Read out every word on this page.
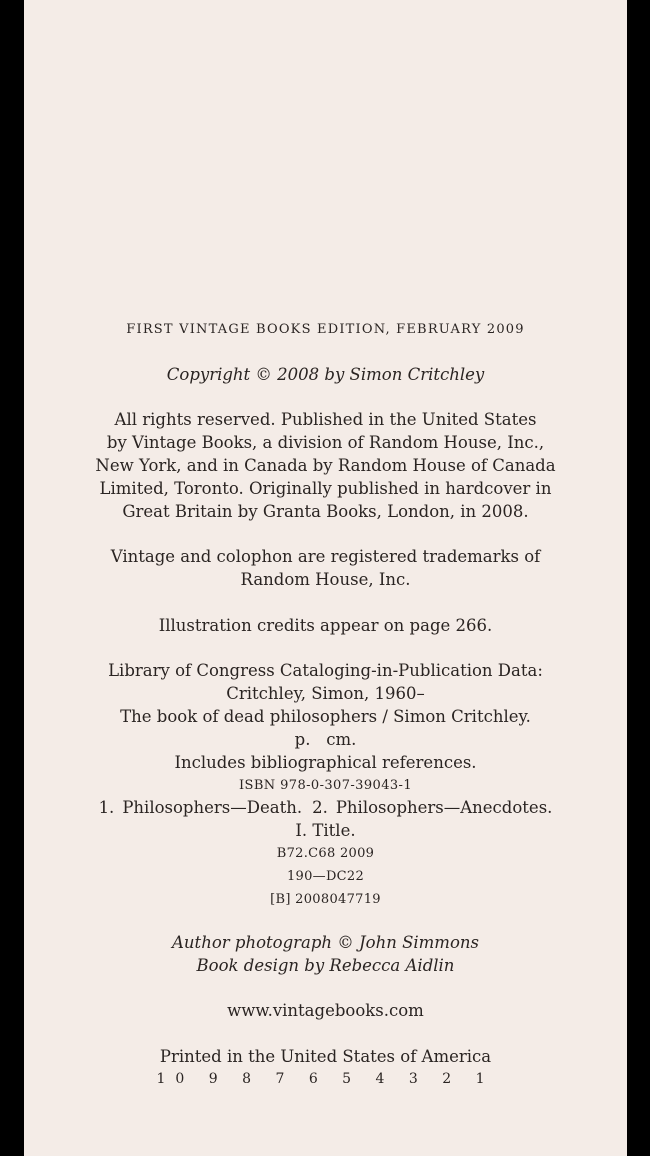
FIRST VINTAGE BOOKS EDITION, FEBRUARY 2009

Copyright © 2008 by Simon Critchley

All rights reserved. Published in the United States

by Vintage Books, a division of Random House, Inc.,

New York, and in Canada by Random House of Canada

Limited, Toronto. Originally published in hardcover in

Great Britain by Granta Books, London, in 2008.

Vintage and colophon are registered trademarks of

Random House, Inc.

Illustration credits appear on page 266.

Library of Congress Cataloging-in-Publication Data:

Critchley, Simon, 1960–

The book of dead philosophers / Simon Critchley.

p.   cm.

Includes bibliographical references.

ISBN 978-0-307-39043-1

1. Philosophers—Death. 2. Philosophers—Anecdotes.

I. Title.

B72.C68 2009

190—DC22

[B] 2008047719

Author photograph © John Simmons

Book design by Rebecca Aidlin

www.vintagebooks.com

Printed in the United States of America

10 9 8 7 6 5 4 3 2 1
